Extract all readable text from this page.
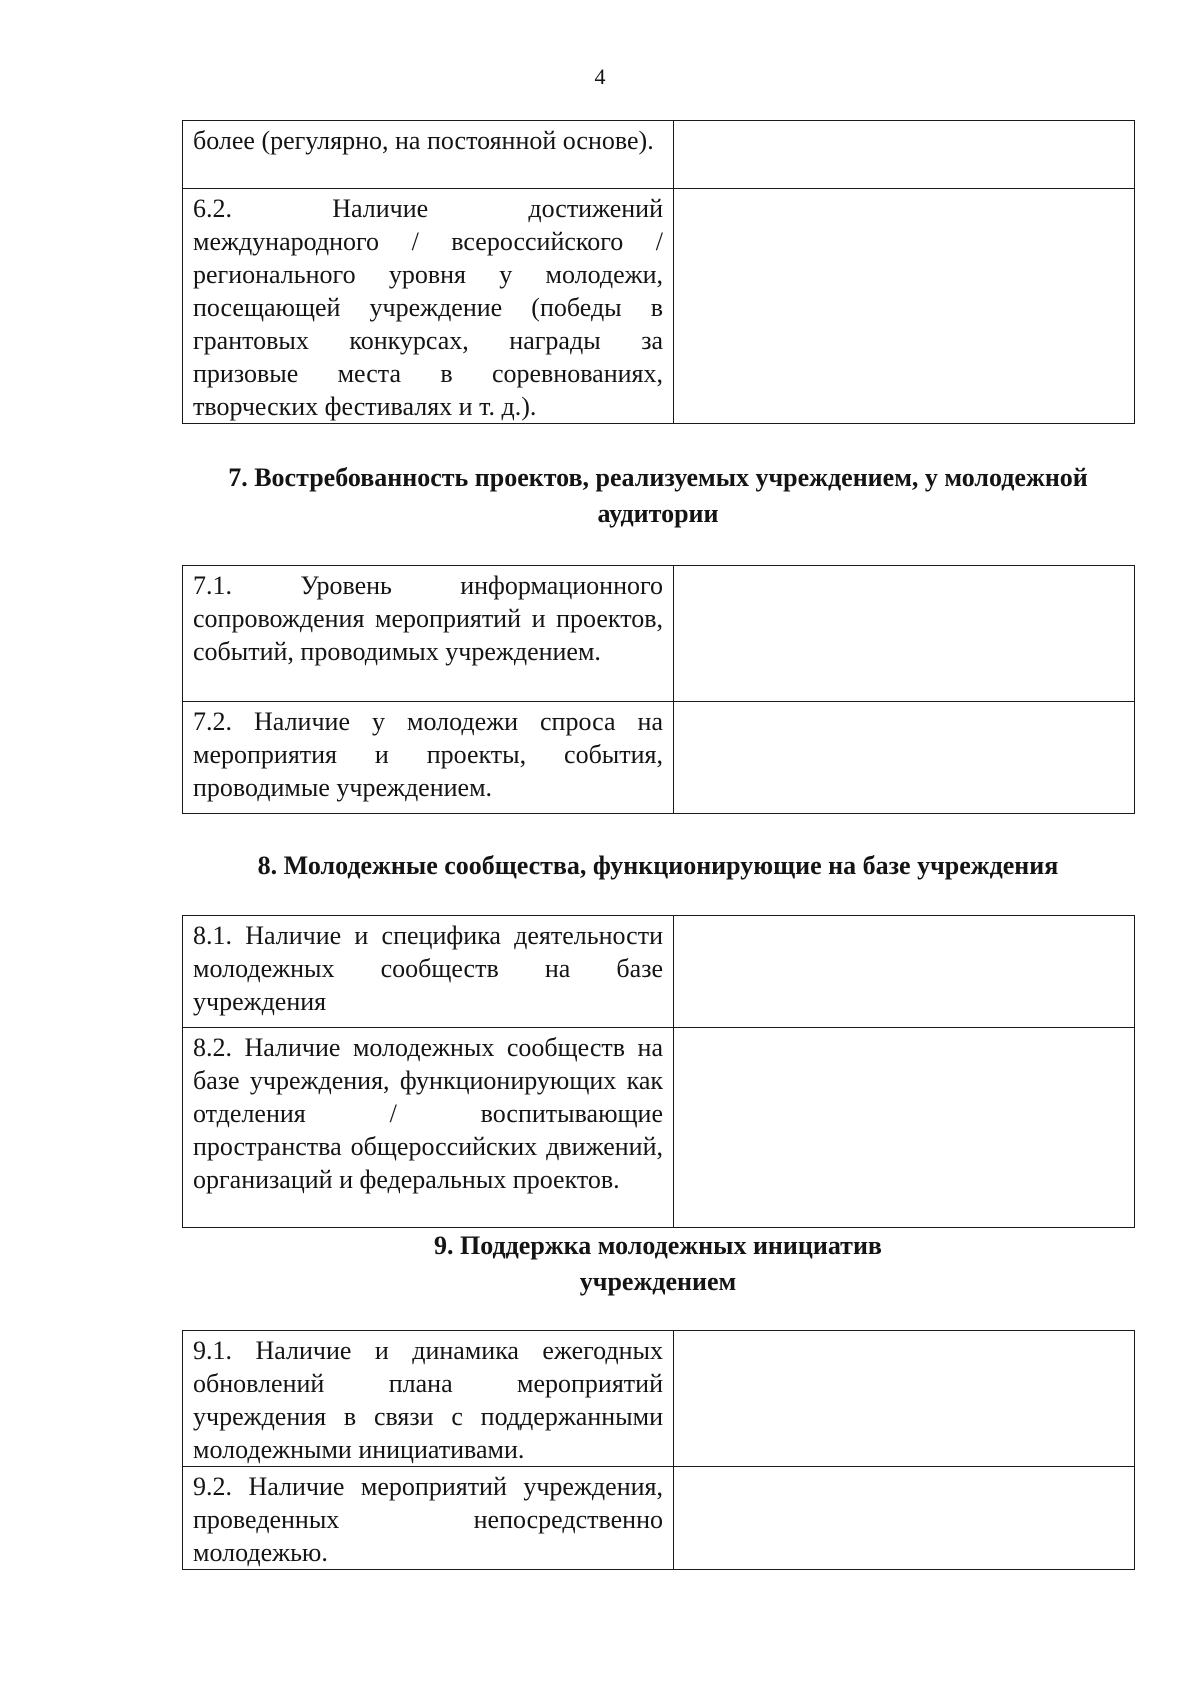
4
более (регулярно, на постоянной основе).	
6.2. Наличие достижений международного / всероссийского / регионального уровня у молодежи, посещающей учреждение (победы в грантовых конкурсах, награды за призовые места в соревнованиях, творческих фестивалях и т. д.).	
7. Востребованность проектов, реализуемых учреждением, у молодежной
аудитории
7.1. Уровень информационного сопровождения мероприятий и проектов, событий, проводимых учреждением.	
7.2. Наличие у молодежи спроса на мероприятия и проекты, события, проводимые учреждением.	
8. Молодежные сообщества, функционирующие на базе учреждения
8.1. Наличие и специфика деятельности молодежных сообществ на базе учреждения	
8.2. Наличие молодежных сообществ на базе учреждения, функционирующих как отделения / воспитывающие пространства общероссийских движений, организаций и федеральных проектов.	
9. Поддержка молодежных инициатив
учреждением
9.1. Наличие и динамика ежегодных обновлений плана мероприятий учреждения в связи с поддержанными молодежными инициативами.	
9.2. Наличие мероприятий учреждения, проведенных непосредственно молодежью.	
